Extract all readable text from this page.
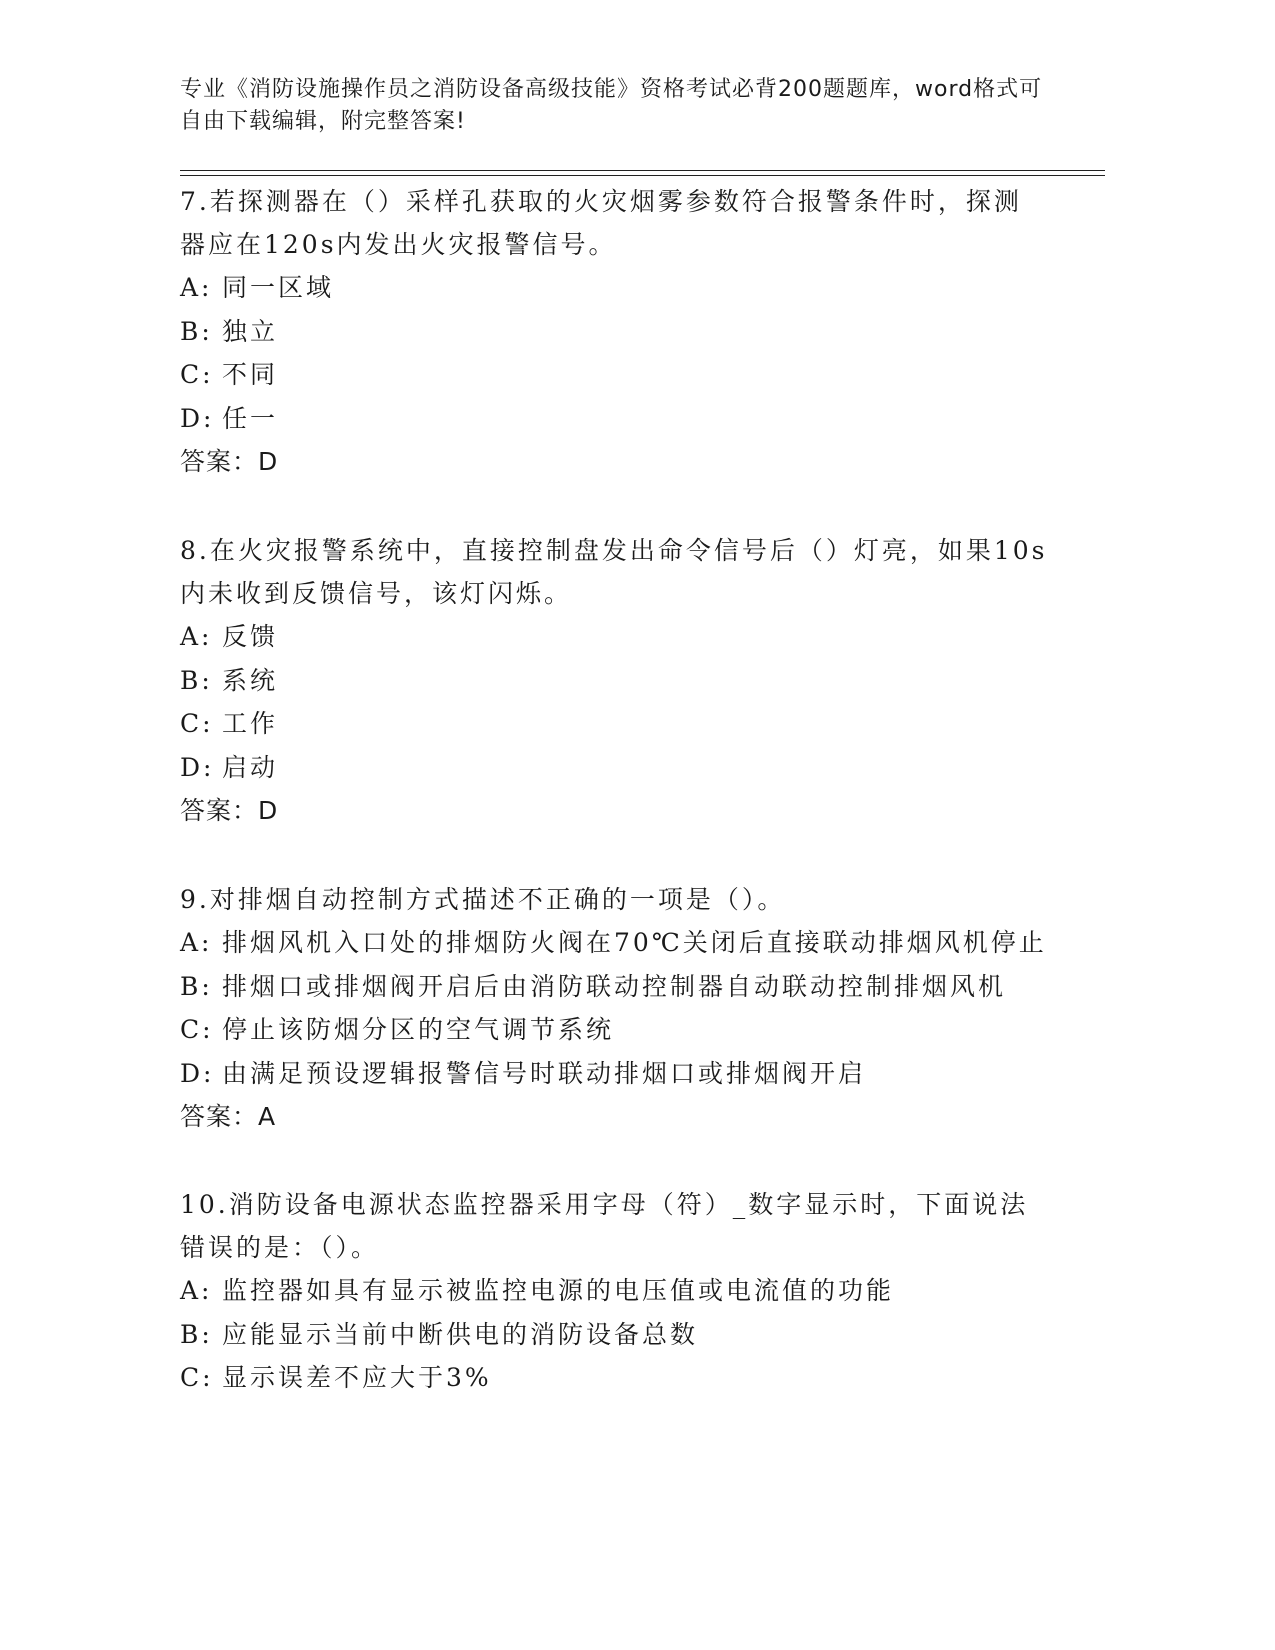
专业《消防设施操作员之消防设备高级技能》资格考试必背200题题库，word格式可自由下载编辑，附完整答案!

7.若探测器在（）采样孔获取的火灾烟雾参数符合报警条件时，探测
器应在120s内发出火灾报警信号。

A: 同一区域

B: 独立

C: 不同

D: 任一

答案：D

8.在火灾报警系统中，直接控制盘发出命令信号后（）灯亮，如果10s
内未收到反馈信号，该灯闪烁。

A: 反馈

B: 系统

C: 工作

D: 启动

答案：D

9.对排烟自动控制方式描述不正确的一项是（）。

A: 排烟风机入口处的排烟防火阀在70℃关闭后直接联动排烟风机停止

B: 排烟口或排烟阀开启后由消防联动控制器自动联动控制排烟风机

C: 停止该防烟分区的空气调节系统

D: 由满足预设逻辑报警信号时联动排烟口或排烟阀开启

答案：A

10.消防设备电源状态监控器采用字母（符）_数字显示时，下面说法
错误的是：（）。

A: 监控器如具有显示被监控电源的电压值或电流值的功能

B: 应能显示当前中断供电的消防设备总数

C: 显示误差不应大于3%
